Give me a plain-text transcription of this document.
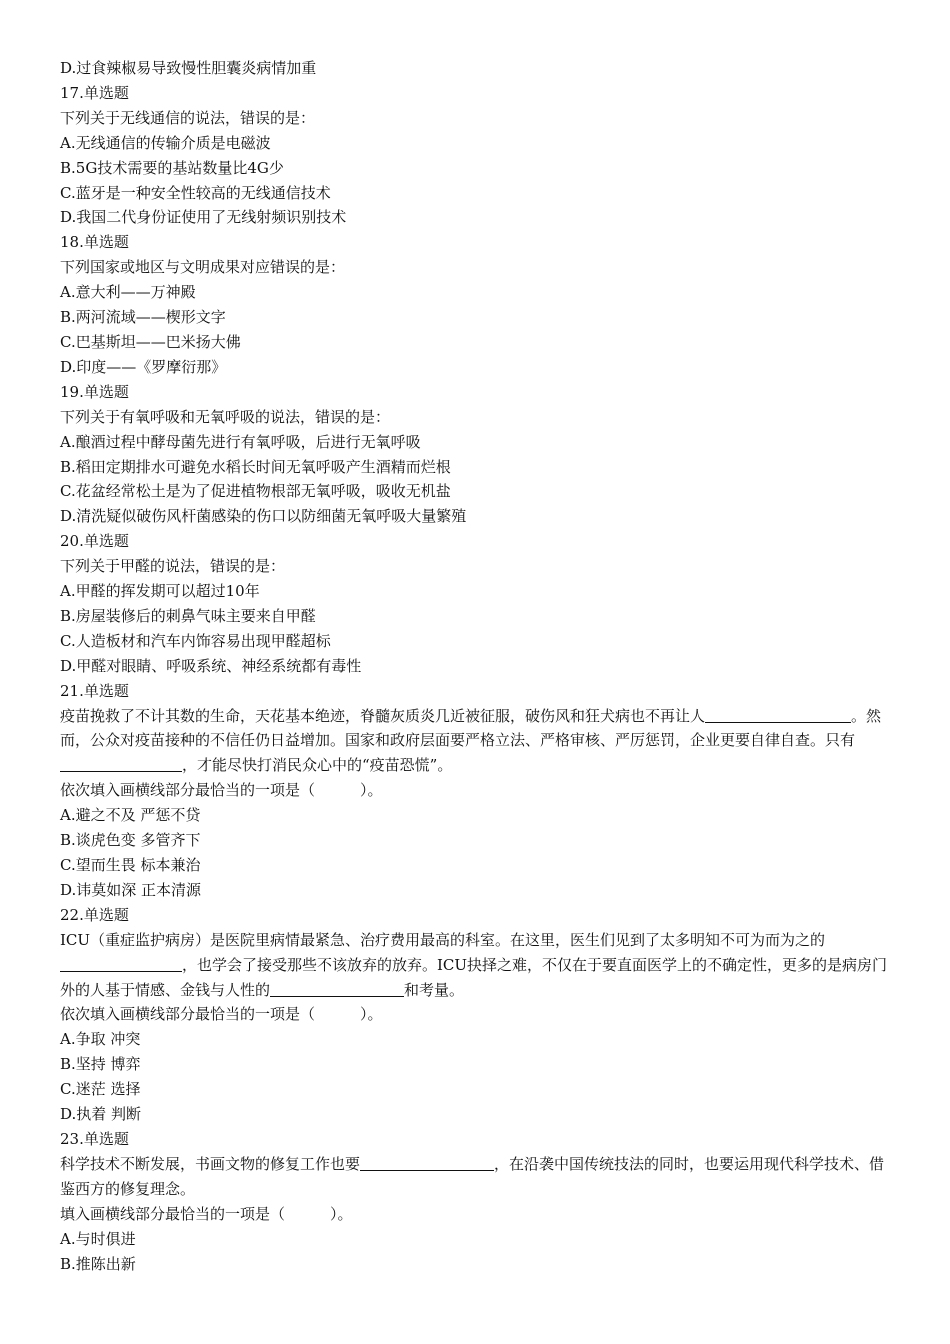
D.过食辣椒易导致慢性胆囊炎病情加重
17.单选题
下列关于无线通信的说法，错误的是：
A.无线通信的传输介质是电磁波
B.5G技术需要的基站数量比4G少
C.蓝牙是一种安全性较高的无线通信技术
D.我国二代身份证使用了无线射频识别技术
18.单选题
下列国家或地区与文明成果对应错误的是：
A.意大利——万神殿
B.两河流域——楔形文字
C.巴基斯坦——巴米扬大佛
D.印度——《罗摩衍那》
19.单选题
下列关于有氧呼吸和无氧呼吸的说法，错误的是：
A.酿酒过程中酵母菌先进行有氧呼吸，后进行无氧呼吸
B.稻田定期排水可避免水稻长时间无氧呼吸产生酒精而烂根
C.花盆经常松土是为了促进植物根部无氧呼吸，吸收无机盐
D.清洗疑似破伤风杆菌感染的伤口以防细菌无氧呼吸大量繁殖
20.单选题
下列关于甲醛的说法，错误的是：
A.甲醛的挥发期可以超过10年
B.房屋装修后的刺鼻气味主要来自甲醛
C.人造板材和汽车内饰容易出现甲醛超标
D.甲醛对眼睛、呼吸系统、神经系统都有毒性
21.单选题
疫苗挽救了不计其数的生命，天花基本绝迹，脊髓灰质炎几近被征服，破伤风和狂犬病也不再让人	。然而，公众对疫苗接种的不信任仍日益增加。国家和政府层面要严格立法、严格审核、严厉惩罚，企业更要自律自查。只有，才能尽快打消民众心中的“疫苗恐慌”。
依次填入画横线部分最恰当的一项是（　　　）。
A.避之不及 严惩不贷
B.谈虎色变 多管齐下
C.望而生畏 标本兼治
D.讳莫如深 正本清源
22.单选题
ICU（重症监护病房）是医院里病情最紧急、治疗费用最高的科室。在这里，医生们见到了太多明知不可为而为之的，也学会了接受那些不该放弃的放弃。ICU抉择之难，不仅在于要直面医学上的不确定性，更多的是病房门外的人基于情感、金钱与人性的	和考量。
依次填入画横线部分最恰当的一项是（　　　）。
A.争取 冲突
B.坚持 博弈
C.迷茫 选择
D.执着 判断
23.单选题
科学技术不断发展，书画文物的修复工作也要	，在沿袭中国传统技法的同时，也要运用现代科学技术、借鉴西方的修复理念。
填入画横线部分最恰当的一项是（　　　）。
A.与时俱进
B.推陈出新
